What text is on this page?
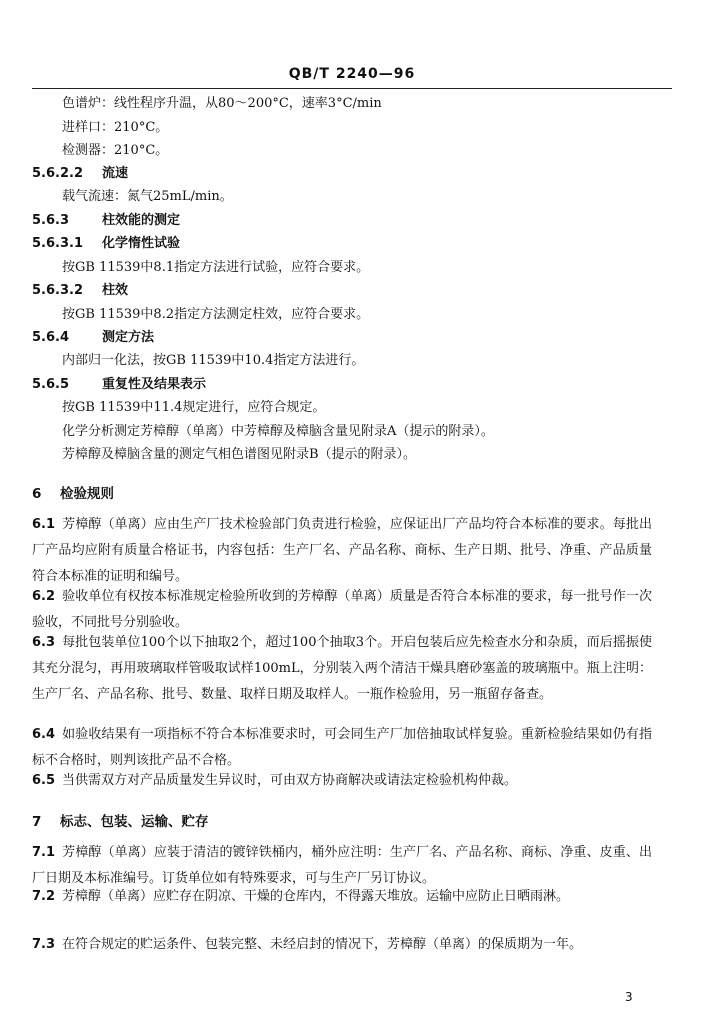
QB/T 2240—96
色谱炉：线性程序升温，从80～200°C，速率3°C/min
进样口：210°C。
检测器：210°C。
5.6.2.2 流速
载气流速：氮气25mL/min。
5.6.3	柱效能的测定
5.6.3.1 化学惰性试验
按GB 11539中8.1指定方法进行试验，应符合要求。
5.6.3.2 柱效
按GB 11539中8.2指定方法测定柱效，应符合要求。
5.6.4	测定方法
内部归一化法，按GB 11539中10.4指定方法进行。
5.6.5	重复性及结果表示
按GB 11539中11.4规定进行，应符合规定。
化学分析测定芳樟醇（单离）中芳樟醇及樟脑含量见附录A（提示的附录）。
芳樟醇及樟脑含量的测定气相色谱图见附录B（提示的附录）。
6 检验规则
6.1 芳樟醇（单离）应由生产厂技术检验部门负责进行检验，应保证出厂产品均符合本标准的要求。每批出厂产品均应附有质量合格证书，内容包括：生产厂名、产品名称、商标、生产日期、批号、净重、产品质量符合本标准的证明和编号。
6.2 验收单位有权按本标准规定检验所收到的芳樟醇（单离）质量是否符合本标准的要求，每一批号作一次验收，不同批号分别验收。
6.3 每批包装单位100个以下抽取2个，超过100个抽取3个。开启包装后应先检查水分和杂质，而后摇振使其充分混匀，再用玻璃取样管吸取试样100mL，分别装入两个清洁干燥具磨砂塞盖的玻璃瓶中。瓶上注明：生产厂名、产品名称、批号、数量、取样日期及取样人。一瓶作检验用，另一瓶留存备查。
6.4 如验收结果有一项指标不符合本标准要求时，可会同生产厂加倍抽取试样复验。重新检验结果如仍有指标不合格时，则判该批产品不合格。
6.5 当供需双方对产品质量发生异议时，可由双方协商解决或请法定检验机构仲裁。
7 标志、包装、运输、贮存
7.1 芳樟醇（单离）应装于清洁的镀锌铁桶内，桶外应注明：生产厂名、产品名称、商标、净重、皮重、出厂日期及本标准编号。订货单位如有特殊要求，可与生产厂另订协议。
7.2 芳樟醇（单离）应贮存在阴凉、干燥的仓库内，不得露天堆放。运输中应防止日晒雨淋。
7.3 在符合规定的贮运条件、包装完整、未经启封的情况下，芳樟醇（单离）的保质期为一年。
3
